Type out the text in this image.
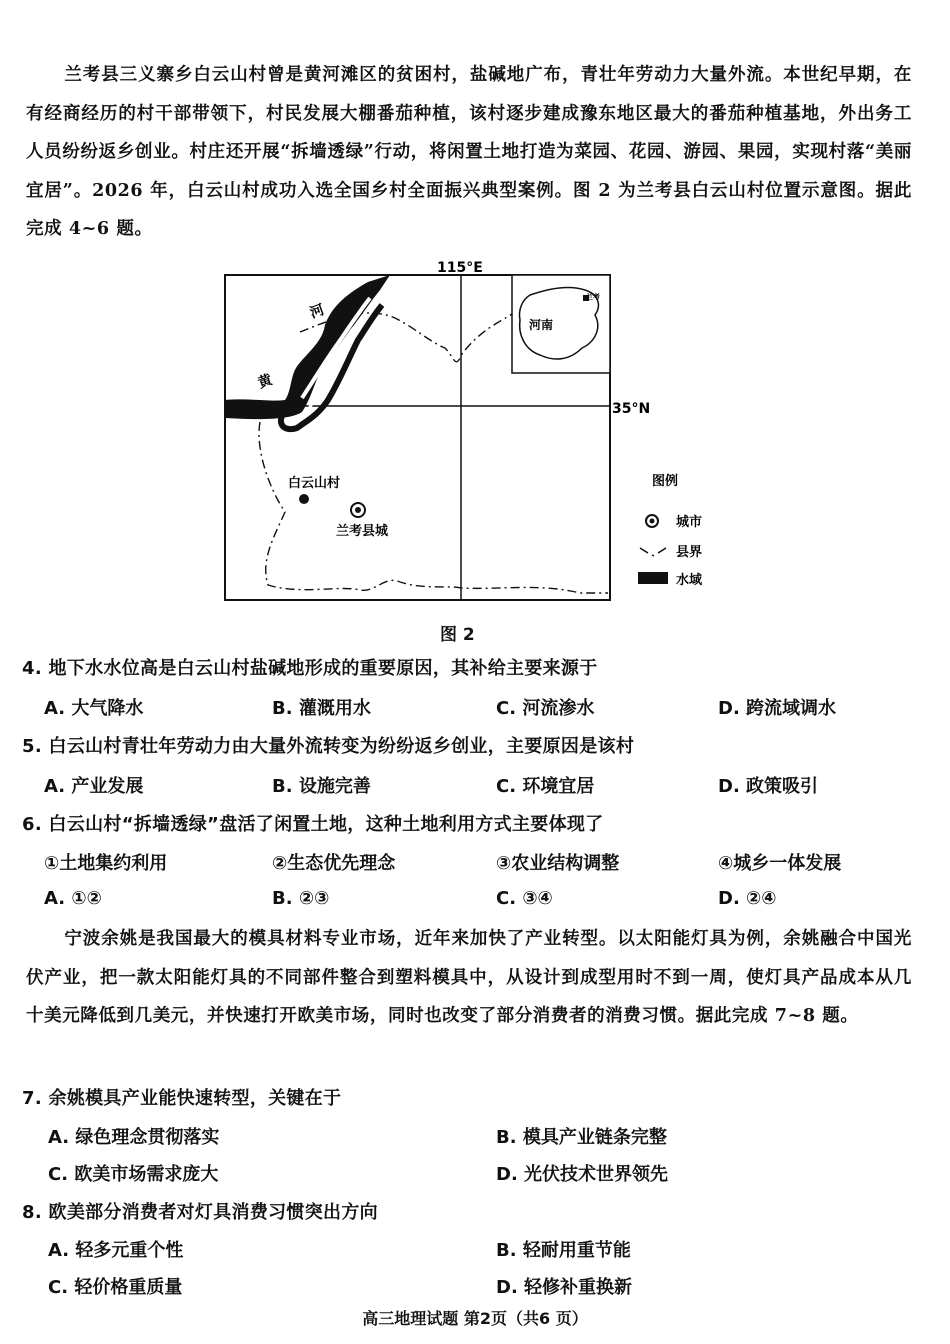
兰考县三义寨乡白云山村曾是黄河滩区的贫困村，盐碱地广布，青壮年劳动力大量外流。本世纪早期，在有经商经历的村干部带领下，村民发展大棚番茄种植，该村逐步建成豫东地区最大的番茄种植基地，外出务工人员纷纷返乡创业。村庄还开展“拆墙透绿”行动，将闲置土地打造为菜园、花园、游园、果园，实现村落“美丽宜居”。2026 年，白云山村成功入选全国乡村全面振兴典型案例。图 2 为兰考县白云山村位置示意图。据此完成 4~6 题。
115°E
35°N
河
黄
河南
兰考
白云山村
兰考县城
图例 图例
城市
县界
水域
图 2
4. 地下水水位高是白云山村盐碱地形成的重要原因，其补给主要来源于
A. 大气降水	B. 灌溉用水	C. 河流渗水	D. 跨流域调水
5. 白云山村青壮年劳动力由大量外流转变为纷纷返乡创业，主要原因是该村
A. 产业发展	B. 设施完善	C. 环境宜居	D. 政策吸引
6. 白云山村“拆墙透绿”盘活了闲置土地，这种土地利用方式主要体现了
①土地集约利用	②生态优先理念	③农业结构调整	④城乡一体发展
A. ①②	B. ②③	C. ③④	D. ②④
宁波余姚是我国最大的模具材料专业市场，近年来加快了产业转型。以太阳能灯具为例，余姚融合中国光伏产业，把一款太阳能灯具的不同部件整合到塑料模具中，从设计到成型用时不到一周，使灯具产品成本从几十美元降低到几美元，并快速打开欧美市场，同时也改变了部分消费者的消费习惯。据此完成 7~8 题。
7. 余姚模具产业能快速转型，关键在于
A. 绿色理念贯彻落实	B. 模具产业链条完整
C. 欧美市场需求庞大	D. 光伏技术世界领先
8. 欧美部分消费者对灯具消费习惯突出方向
A. 轻多元重个性	B. 轻耐用重节能
C. 轻价格重质量	D. 轻修补重换新
高三地理试题 第2页（共6 页）
